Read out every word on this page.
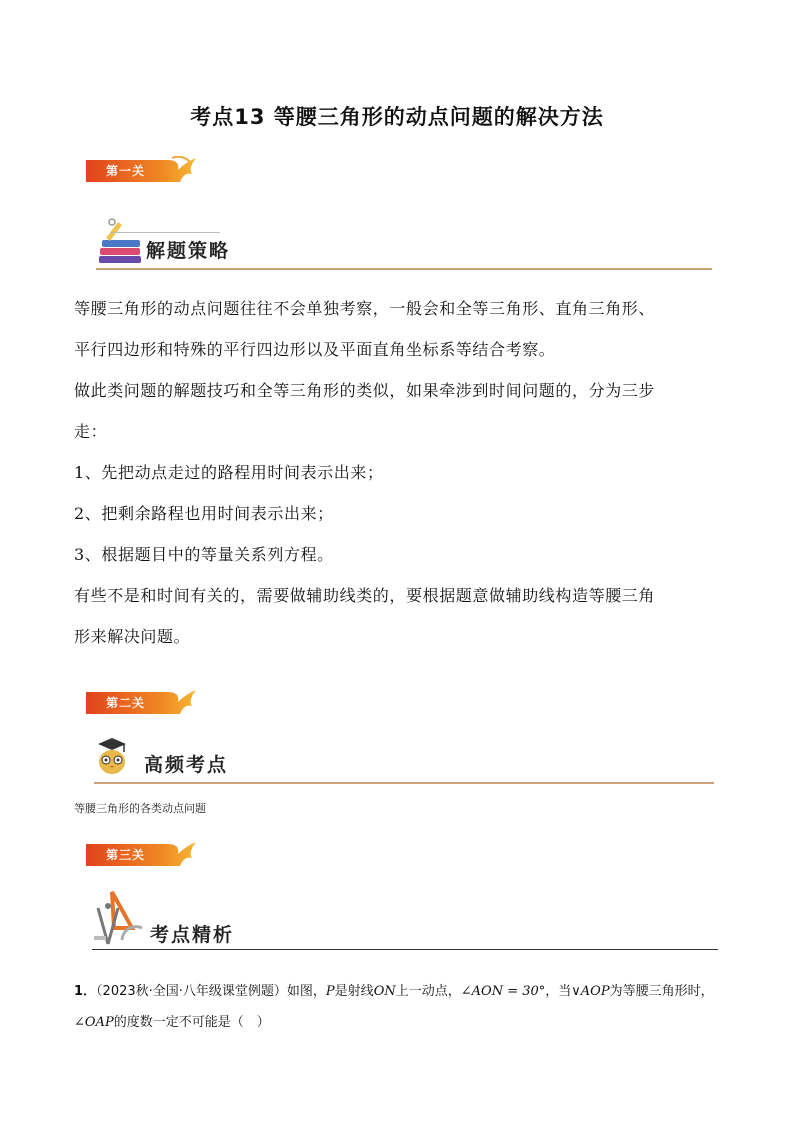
考点13 等腰三角形的动点问题的解决方法
第一关
解题策略

等腰三角形的动点问题往往不会单独考察，一般会和全等三角形、直角三角形、

平行四边形和特殊的平行四边形以及平面直角坐标系等结合考察。

做此类问题的解题技巧和全等三角形的类似，如果牵涉到时间问题的，分为三步

走：

1、先把动点走过的路程用时间表示出来；

2、把剩余路程也用时间表示出来；

3、根据题目中的等量关系列方程。

有些不是和时间有关的，需要做辅助线类的，要根据题意做辅助线构造等腰三角

形来解决问题。

第二关
高频考点
等腰三角形的各类动点问题
第三关
考点精析
1．（2023秋·全国·八年级课堂例题）如图，P是射线ON上一动点，∠AON = 30°，当∨AOP为等腰三角形时，
∠OAP的度数一定不可能是（　）
